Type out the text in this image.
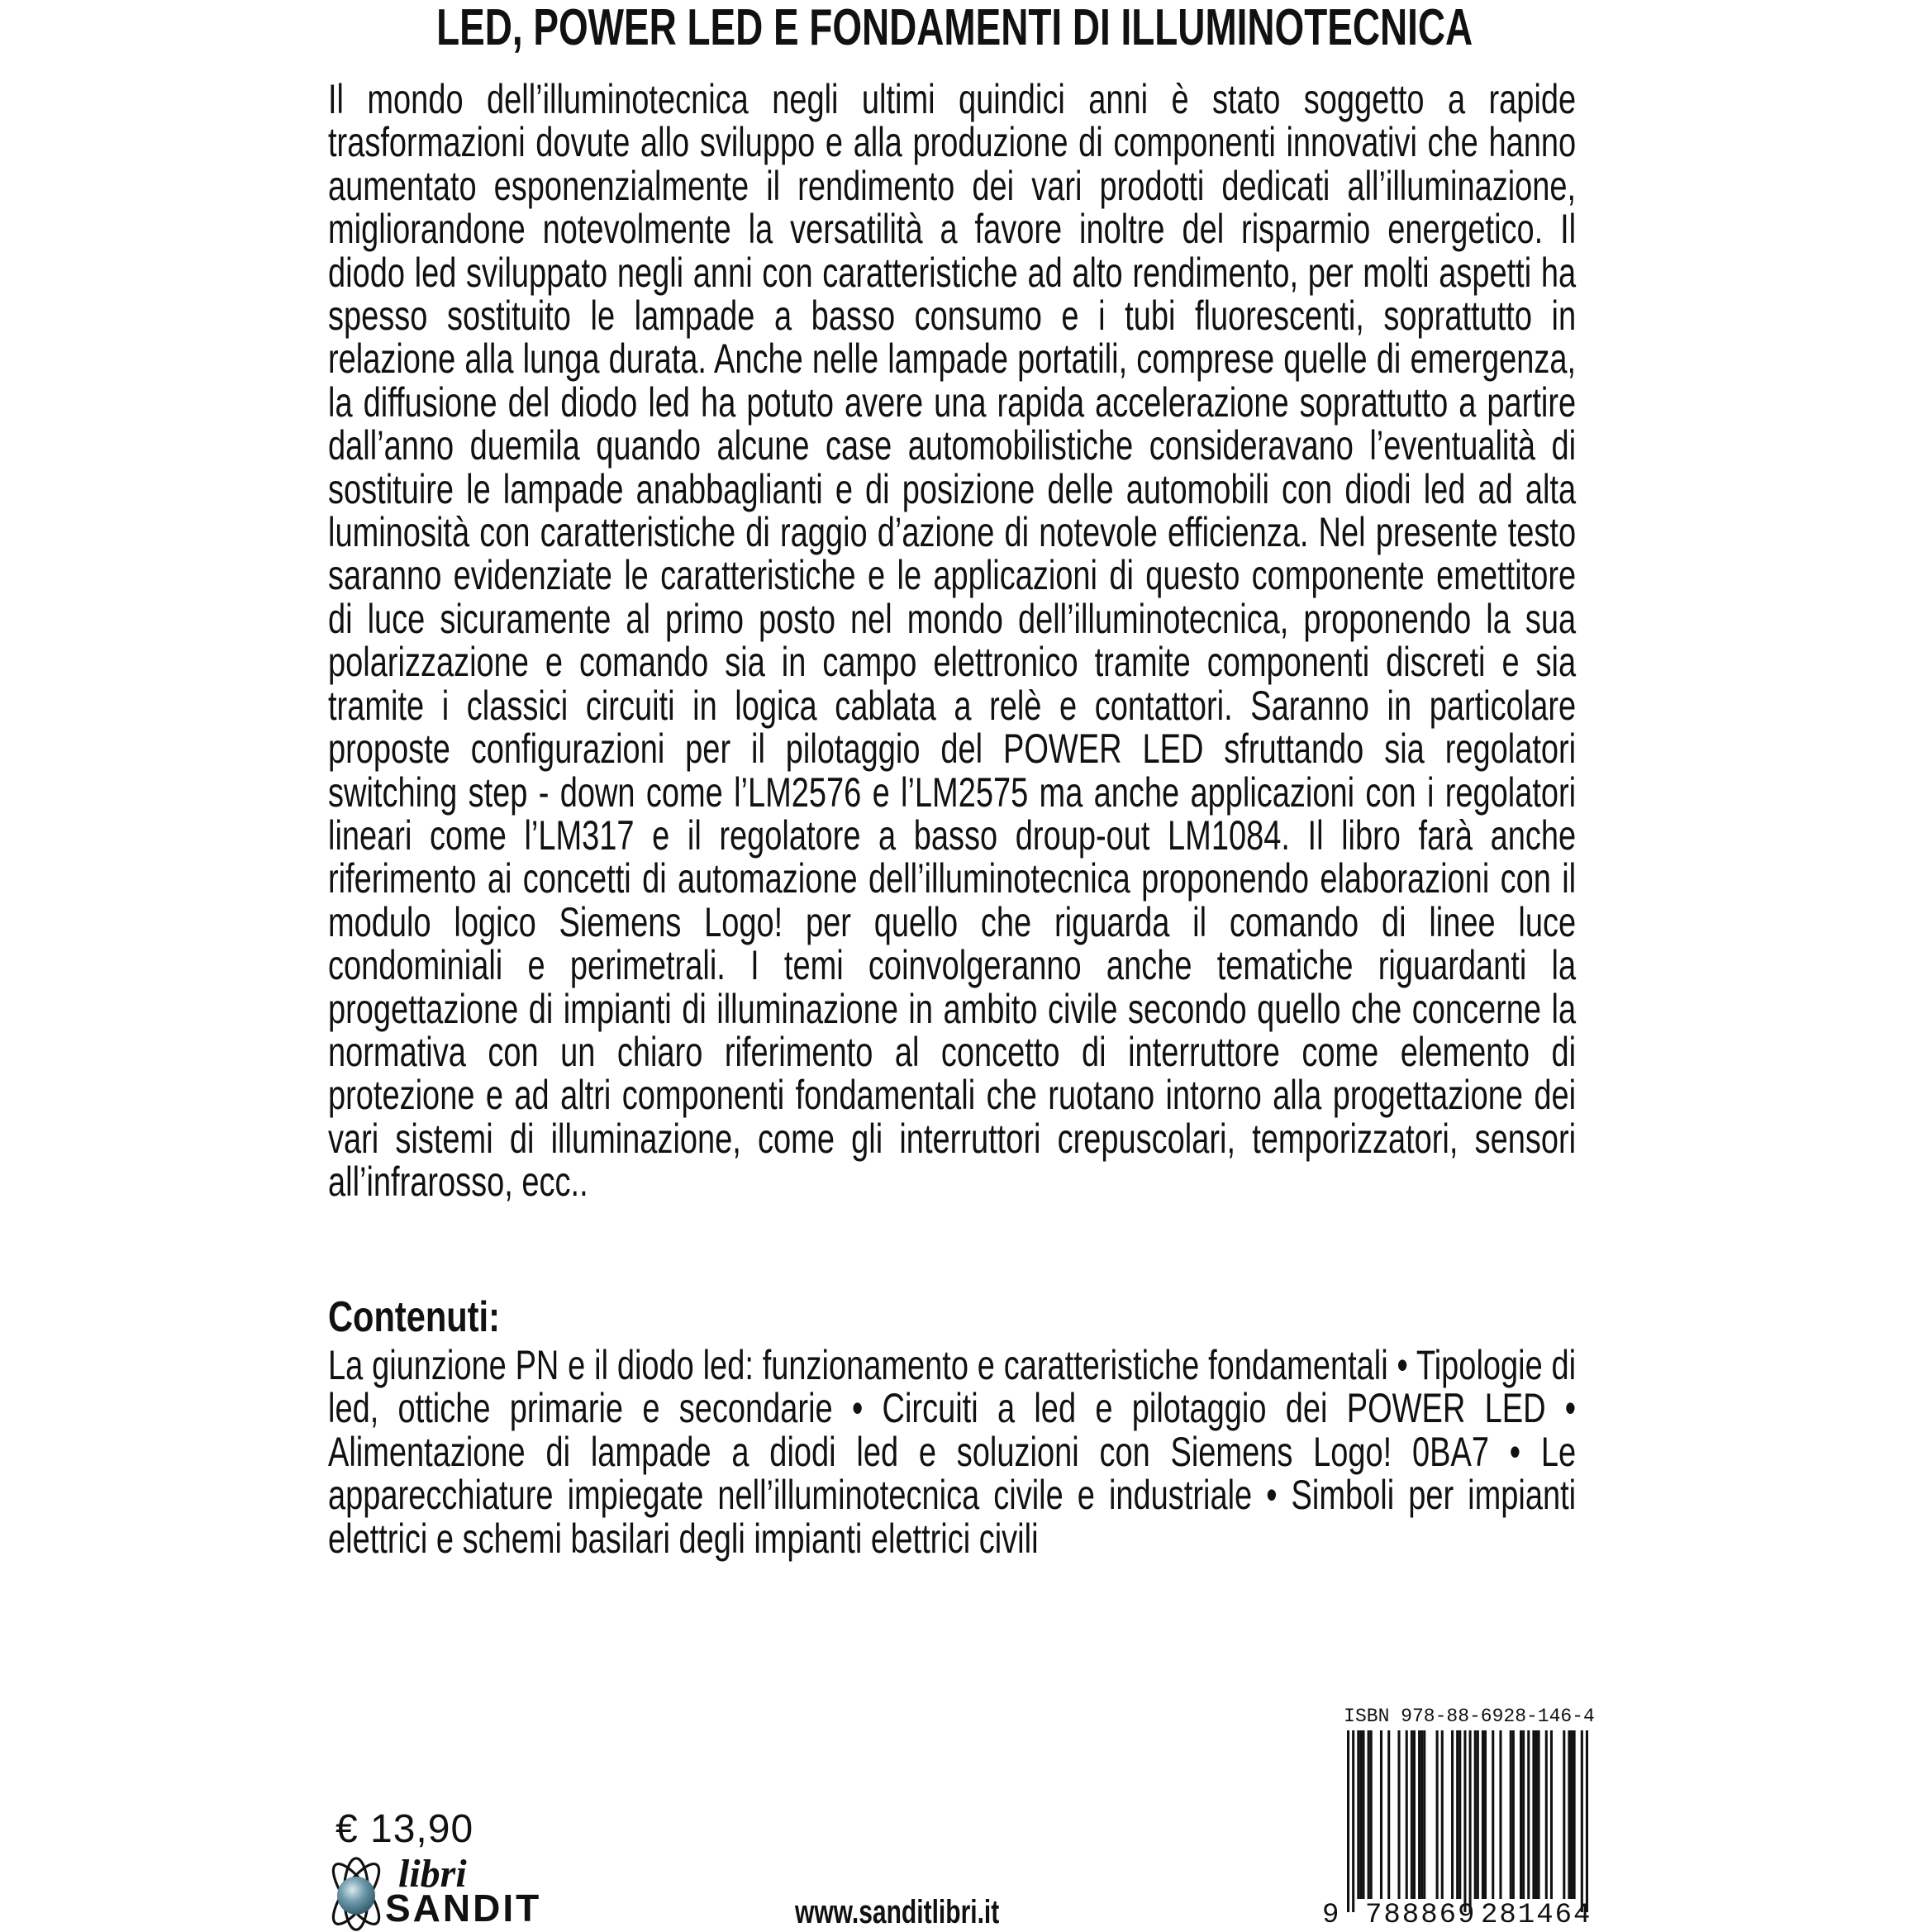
LED, POWER LED E FONDAMENTI DI ILLUMINOTECNICA
Il mondo dell’illuminotecnica negli ultimi quindici anni è stato soggetto a rapide trasformazioni dovute allo sviluppo e alla produzione di componenti innovativi che hanno aumentato esponenzialmente il rendimento dei vari prodotti dedicati all’illuminazione, migliorandone notevolmente la versatilità a favore inoltre del risparmio energetico. Il diodo led sviluppato negli anni con caratteristiche ad alto rendimento, per molti aspetti ha spesso sostituito le lampade a basso consumo e i tubi fluorescenti, soprattutto in relazione alla lunga durata. Anche nelle lampade portatili, comprese quelle di emergenza, la diffusione del diodo led ha potuto avere una rapida accelerazione soprattutto a partire dall’anno duemila quando alcune case automobilistiche consideravano l’eventualità di sostituire le lampade anabbaglianti e di posizione delle automobili con diodi led ad alta luminosità con caratteristiche di raggio d’azione di notevole efficienza. Nel presente testo saranno evidenziate le caratteristiche e le applicazioni di questo componente emettitore di luce sicuramente al primo posto nel mondo dell’illuminotecnica, proponendo la sua polarizzazione e comando sia in campo elettronico tramite componenti discreti e sia tramite i classici circuiti in logica cablata a relè e contattori. Saranno in particolare proposte configurazioni per il pilotaggio del POWER LED sfruttando sia regolatori switching step - down come l’LM2576 e l’LM2575 ma anche applicazioni con i regolatori lineari come l’LM317 e il regolatore a basso droup-out LM1084. Il libro farà anche riferimento ai concetti di automazione dell’illuminotecnica proponendo elaborazioni con il modulo logico Siemens Logo! per quello che riguarda il comando di linee luce condominiali e perimetrali. I temi coinvolgeranno anche tematiche riguardanti la progettazione di impianti di illuminazione in ambito civile secondo quello che concerne la normativa con un chiaro riferimento al concetto di interruttore come elemento di protezione e ad altri componenti fondamentali che ruotano intorno alla progettazione dei vari sistemi di illuminazione, come gli interruttori crepuscolari, temporizzatori, sensori all’infrarosso, ecc..
Contenuti:
La giunzione PN e il diodo led: funzionamento e caratteristiche fondamentali • Tipologie di led, ottiche primarie e secondarie • Circuiti a led e pilotaggio dei POWER LED • Alimentazione di lampade a diodi led e soluzioni con Siemens Logo! 0BA7 • Le apparecchiature impiegate nell’illuminotecnica civile e industriale • Simboli per impianti elettrici e schemi basilari degli impianti elettrici civili
€ 13,90
libri
SANDIT	www.sanditlibri.it
ISBN 978-88-6928-146-4
9 788869 281464
